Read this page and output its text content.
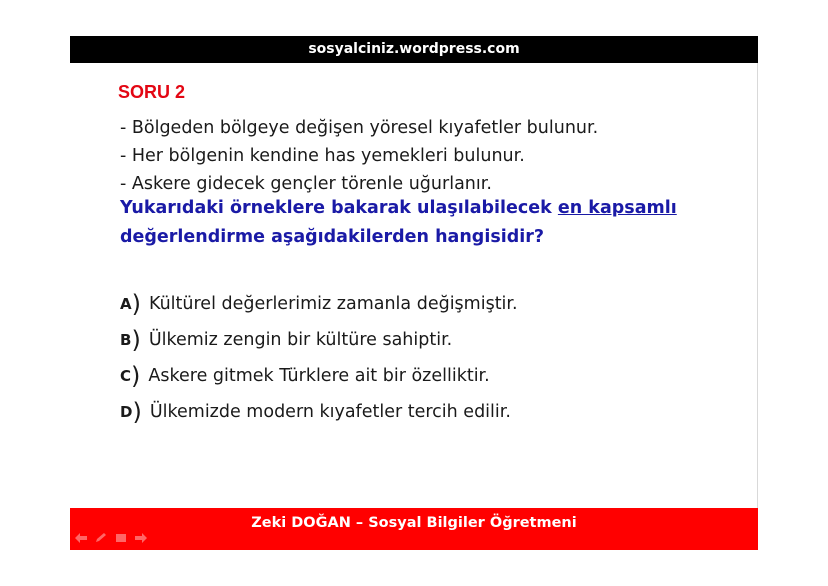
sosyalciniz.wordpress.com
SORU 2
- Bölgeden bölgeye değişen yöresel kıyafetler bulunur.
- Her bölgenin kendine has yemekleri bulunur.
- Askere gidecek gençler törenle uğurlanır.
Yukarıdaki örneklere bakarak ulaşılabilecek en kapsamlı değerlendirme aşağıdakilerden hangisidir?
A ) Kültürel değerlerimiz zamanla değişmiştir.
B ) Ülkemiz zengin bir kültüre sahiptir.
C ) Askere gitmek Türklere ait bir özelliktir.
D ) Ülkemizde modern kıyafetler tercih edilir.
Zeki DOĞAN – Sosyal Bilgiler Öğretmeni
